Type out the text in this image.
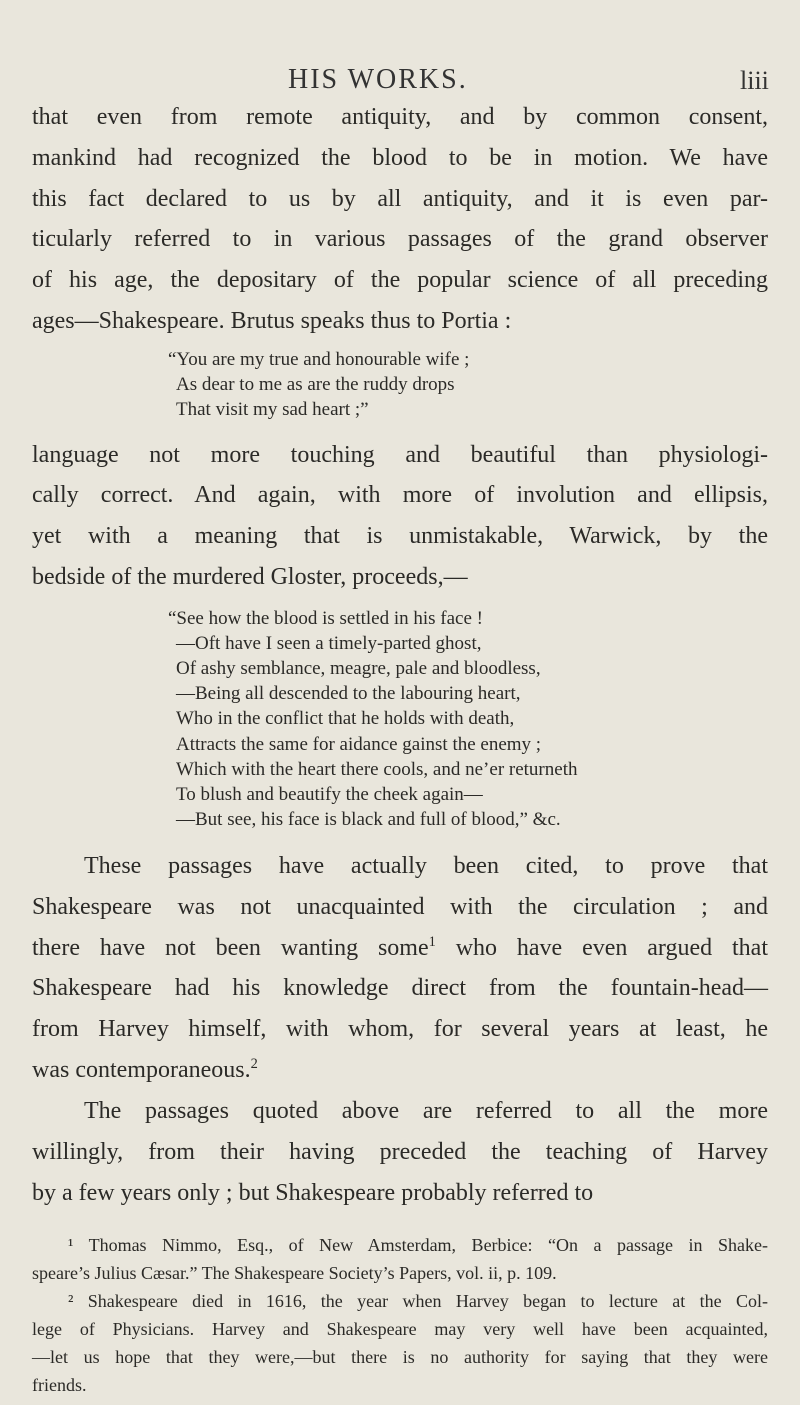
HIS WORKS.	liii
that even from remote antiquity, and by common consent,
mankind had recognized the blood to be in motion. We have
this fact declared to us by all antiquity, and it is even par-
ticularly referred to in various passages of the grand observer
of his age, the depositary of the popular science of all preceding
ages—Shakespeare. Brutus speaks thus to Portia :
“You are my true and honourable wife ;
As dear to me as are the ruddy drops
That visit my sad heart ;”
language not more touching and beautiful than physiologi-
cally correct. And again, with more of involution and ellipsis,
yet with a meaning that is unmistakable, Warwick, by the
bedside of the murdered Gloster, proceeds,—
“See how the blood is settled in his face !
—Oft have I seen a timely-parted ghost,
Of ashy semblance, meagre, pale and bloodless,
—Being all descended to the labouring heart,
Who in the conflict that he holds with death,
Attracts the same for aidance gainst the enemy ;
Which with the heart there cools, and ne’er returneth
To blush and beautify the cheek again—
—But see, his face is black and full of blood,” &c.
These passages have actually been cited, to prove that
Shakespeare was not unacquainted with the circulation ; and
there have not been wanting some$^1$ who have even argued that
Shakespeare had his knowledge direct from the fountain-head—
from Harvey himself, with whom, for several years at least, he
was contemporaneous.$^2$
The passages quoted above are referred to all the more
willingly, from their having preceded the teaching of Harvey
by a few years only ; but Shakespeare probably referred to
¹ Thomas Nimmo, Esq., of New Amsterdam, Berbice: “On a passage in Shake-
speare’s Julius Cæsar.” The Shakespeare Society’s Papers, vol. ii, p. 109.
² Shakespeare died in 1616, the year when Harvey began to lecture at the Col-
lege of Physicians. Harvey and Shakespeare may very well have been acquainted,
—let us hope that they were,—but there is no authority for saying that they were
friends.
